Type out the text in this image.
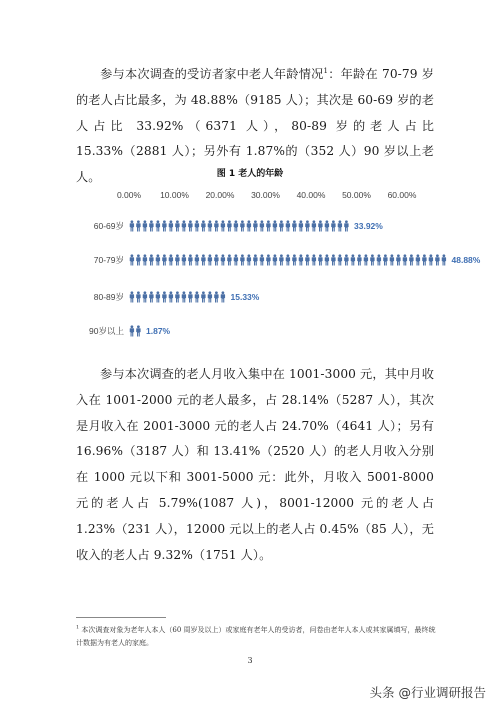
参与本次调查的受访者家中老人年龄情况$^1$：年龄在 70-79 岁的老人占比最多，为 48.88%（9185 人）；其次是 60-69 岁的老人占比 33.92%（6371 人），80-89 岁的老人占比 15.33%（2881 人）；另外有 1.87%的（352 人）90 岁以上老人。	图 1 老人的年龄
0.00% 10.00% 20.00% 30.00% 40.00% 50.00% 60.00%
60-69岁
70-79岁
80-89岁
90岁以上
33.92%
48.88%
15.33%
1.87%
参与本次调查的老人月收入集中在 1001-3000 元，其中月收入在 1001-2000 元的老人最多，占 28.14%（5287 人），其次是月收入在 2001-3000 元的老人占 24.70%（4641 人）；另有 16.96%（3187 人）和 13.41%（2520 人）的老人月收入分别在 1000 元以下和 3001-5000 元：此外，月收入 5001-8000 元的老人占 5.79%(1087 人)，8001-12000 元的老人占 1.23%（231 人），12000 元以上的老人占 0.45%（85 人），无收入的老人占 9.32%（1751 人）。
$^1$ 本次调查对象为老年人本人（60 周岁及以上）或家庭有老年人的受访者，问卷由老年人本人或其家属填写，最终统计数据为有老人的家庭。
3
头条 @行业调研报告
